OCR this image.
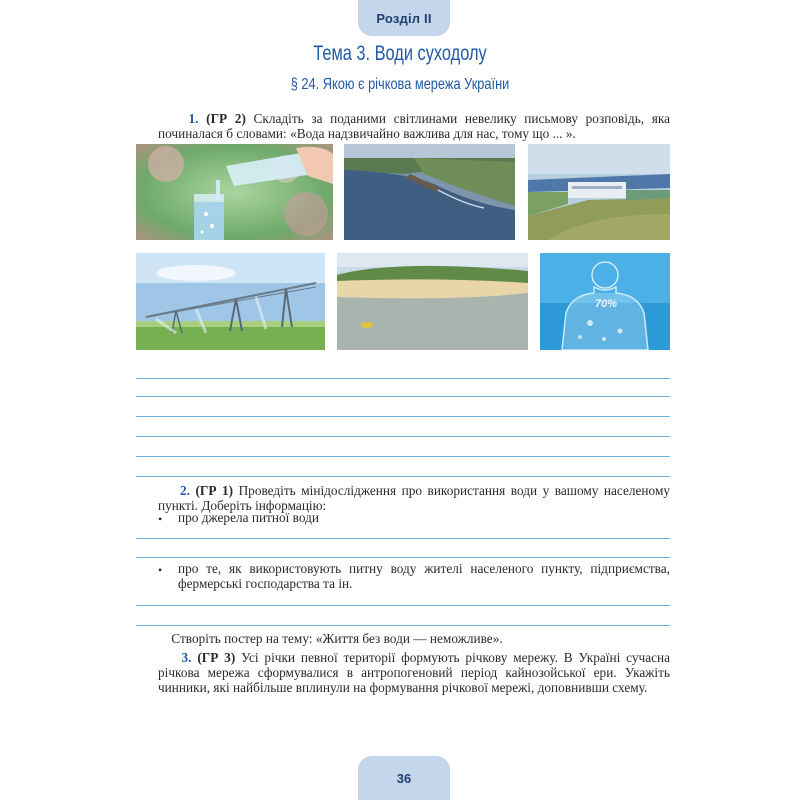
Розділ ІІ
Тема 3. Води суходолу
§ 24. Якою є річкова мережа України
1. (ГР 2) Складіть за поданими світлинами невелику письмову розповідь, яка починалася б словами: «Вода надзвичайно важлива для нас, тому що ... ».
70%
2. (ГР 1) Проведіть мінідослідження про використання води у вашому населеному пункті. Доберіть інформацію:
• про джерела питної води
• про те, як використовують питну воду жителі населеного пункту, підприємства, фермерські господарства та ін.
Створіть постер на тему: «Життя без води — неможливе».
3. (ГР 3) Усі річки певної території формують річкову мережу. В Україні сучасна річкова мережа сформувалися в антропогеновий період кайнозойської ери. Укажіть чинники, які найбільше вплинули на формування річкової мережі, доповнивши схему.
36
